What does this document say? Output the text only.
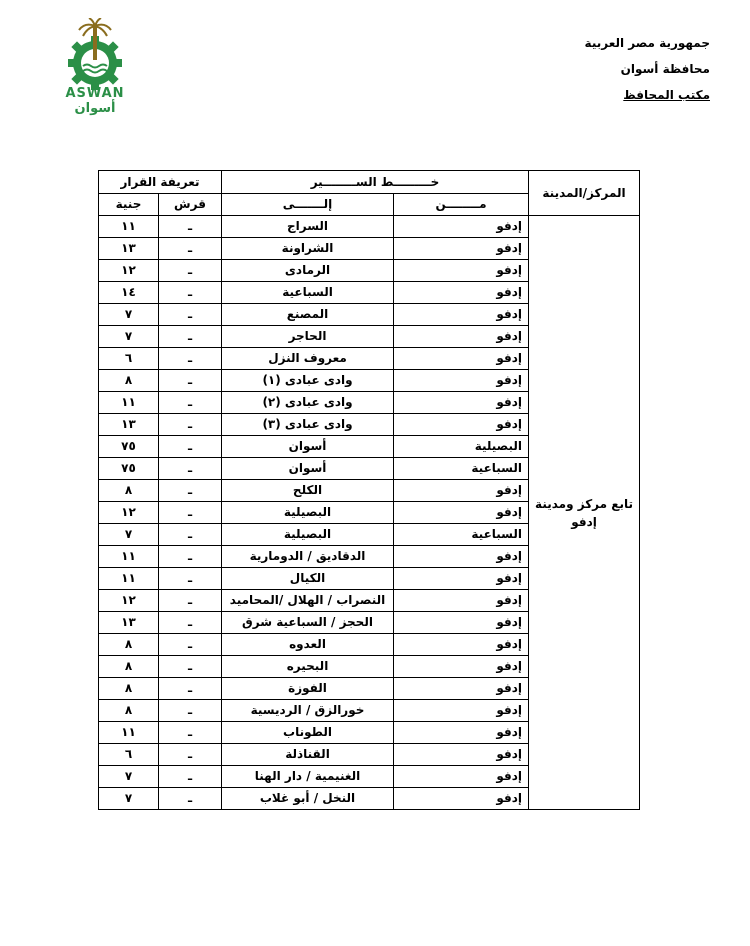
ASWAN
أسوان
جمهورية مصر العربية
محافظة أسوان
مكتب المحافظ
المركز/المدينة	خـــــــــط الســــــــير		تعريفة القرار	
	مــــــــن	إلـــــــى	قرش	جنية
تابع مركز ومدينة إدفو	إدفو	السراج	ـ	١١
	إدفو	الشراونة	ـ	١٣
	إدفو	الرمادى	ـ	١٢
	إدفو	السباعية	ـ	١٤
	إدفو	المصنع	ـ	٧
	إدفو	الحاجر	ـ	٧
	إدفو	معروف النزل	ـ	٦
	إدفو	وادى عبادى (١)	ـ	٨
	إدفو	وادى عبادى (٢)	ـ	١١
	إدفو	وادى عبادى (٣)	ـ	١٣
	البصيلية	أسوان	ـ	٧٥
	السباعية	أسوان	ـ	٧٥
	إدفو	الكلح	ـ	٨
	إدفو	البصيلية	ـ	١٢
	السباعية	البصيلية	ـ	٧
	إدفو	الدقاديق / الدومارية	ـ	١١
	إدفو	الكيال	ـ	١١
	إدفو	النصراب / الهلال /المحاميد	ـ	١٢
	إدفو	الحجز / السباعية شرق	ـ	١٣
	إدفو	العدوه	ـ	٨
	إدفو	البحيره	ـ	٨
	إدفو	الفوزة	ـ	٨
	إدفو	خورالزق / الرديسية	ـ	٨
	إدفو	الطوناب	ـ	١١
	إدفو	القناذلة	ـ	٦
	إدفو	الغنيمية / دار الهنا	ـ	٧
	إدفو	النخل / أبو غلاب	ـ	٧
